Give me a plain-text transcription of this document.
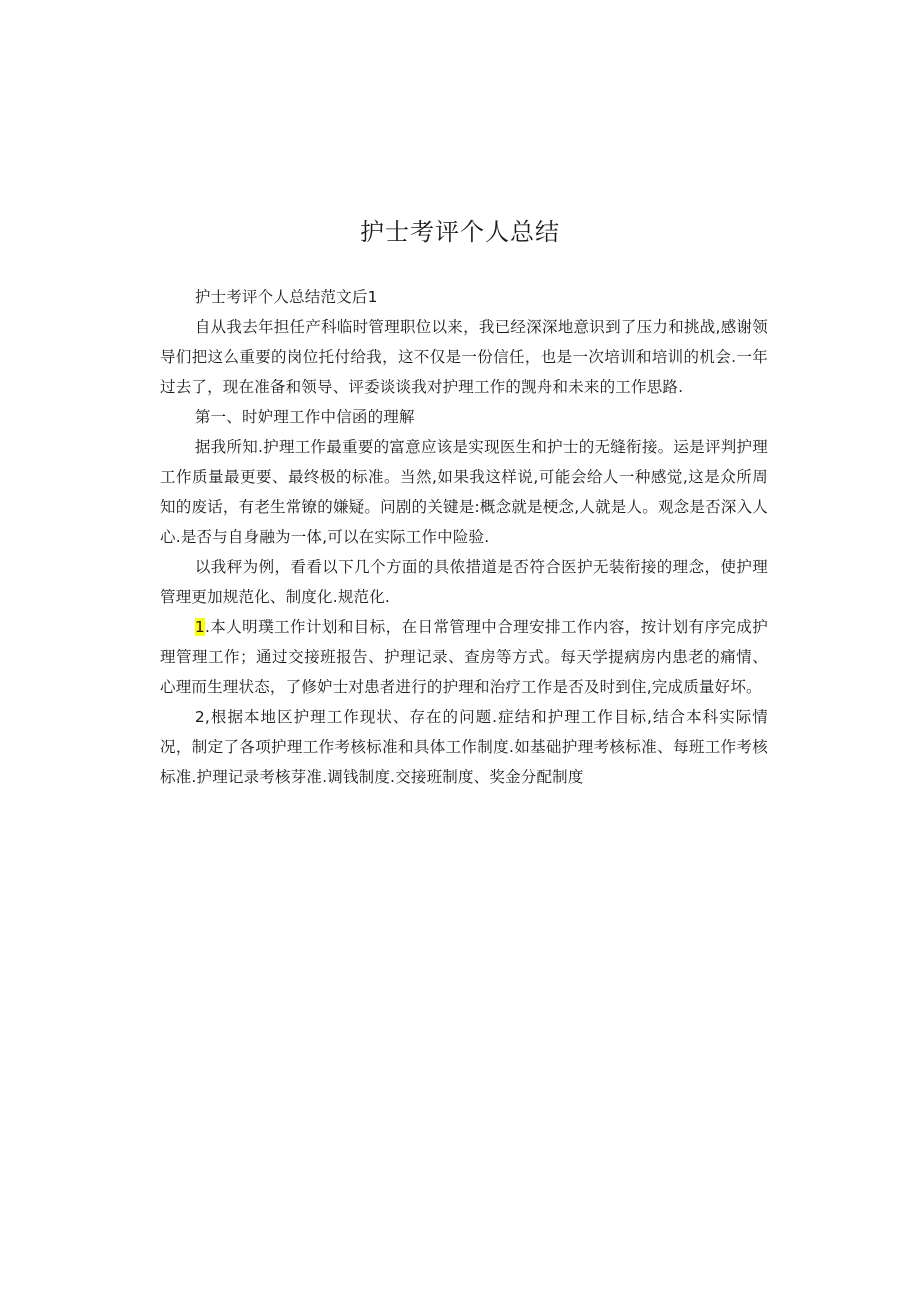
护士考评个人总结

护士考评个人总结范文后1

自从我去年担任产科临时管理职位以来，我已经深深地意识到了压力和挑战,感谢领导们把这么重要的岗位托付给我，这不仅是一份信任，也是一次培训和培训的机会.一年过去了，现在准备和领导、评委谈谈我对护理工作的觊舟和未来的工作思路.

第一、时妒理工作中信函的理解

据我所知.护理工作最重要的富意应该是实现医生和护士的无缝衔接。运是评判护理工作质量最更要、最终极的标准。当然,如果我这样说,可能会给人一种感觉,这是众所周知的废话，有老生常镣的嫌疑。问剧的关键是:概念就是梗念,人就是人。观念是否深入人心.是否与自身融为一体,可以在实际工作中险验.

以我秤为例，看看以下几个方面的具侬措道是否符合医护无装衔接的理念，使护理管理更加规范化、制度化.规范化.

1.本人明璞工作计划和目标，在日常管理中合理安排工作内容，按计划有序完成护理管理工作；通过交接班报告、护理记录、查房等方式。每天学提病房内患老的痛情、心理而生理状态，了修妒士对患者进行的护理和治疗工作是否及时到住,完成质量好坏。

2,根据本地区护理工作现状、存在的问题.症结和护理工作目标,结合本科实际情况，制定了各项护理工作考核标准和具体工作制度.如基础护理考核标准、每班工作考核标准.护理记录考核芽准.调钱制度.交接班制度、奖金分配制度
